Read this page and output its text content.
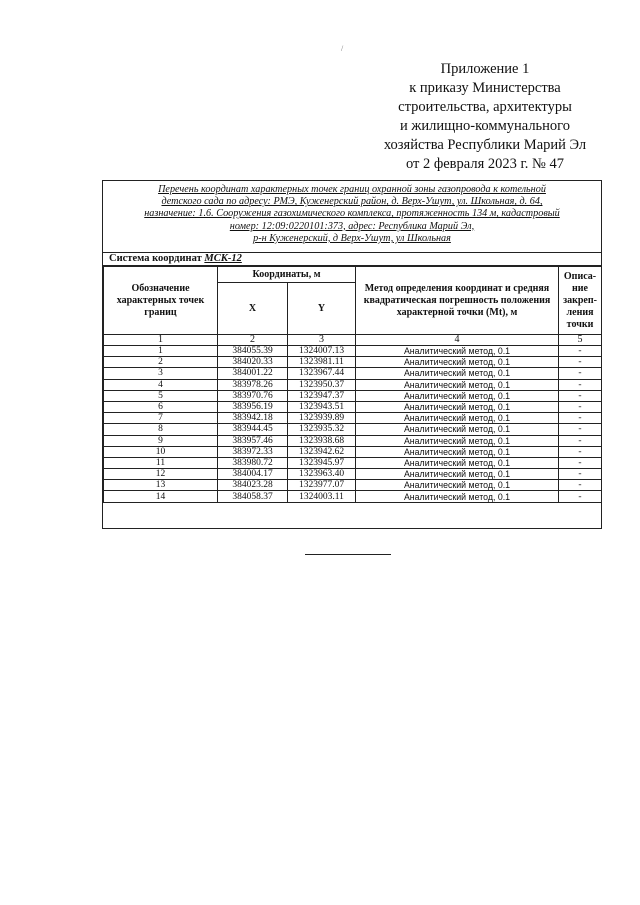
/
Приложение 1
к приказу Министерства
строительства, архитектуры
и жилищно-коммунального
хозяйства Республики Марий Эл
от 2 февраля 2023 г. № 47
Перечень координат характерных точек границ охранной зоны газопровода к котельной
детского сада по адресу: РМЭ, Куженерский район, д. Верх-Ушут, ул. Школьная, д. 64,
назначение: 1.6. Сооружения газохимического комплекса, протяженность 134 м, кадастровый
номер: 12:09:0220101:373, адрес: Республика Марий Эл,
р-н Куженерский, д Верх-Ушут, ул Школьная
Система координат МСК-12
Обозначение характерных точек границ	Координаты, м		Метод определения координат и средняя квадратическая погрешность положения характерной точки (Mt), м	Описа-ние закреп-ления точки
	X	Y		
1	2	3	4	5
1	384055.39	1324007.13	Аналитический метод, 0.1	-
2	384020.33	1323981.11	Аналитический метод, 0.1	-
3	384001.22	1323967.44	Аналитический метод, 0.1	-
4	383978.26	1323950.37	Аналитический метод, 0.1	-
5	383970.76	1323947.37	Аналитический метод, 0.1	-
6	383956.19	1323943.51	Аналитический метод, 0.1	-
7	383942.18	1323939.89	Аналитический метод, 0.1	-
8	383944.45	1323935.32	Аналитический метод, 0.1	-
9	383957.46	1323938.68	Аналитический метод, 0.1	-
10	383972.33	1323942.62	Аналитический метод, 0.1	-
11	383980.72	1323945.97	Аналитический метод, 0.1	-
12	384004.17	1323963.40	Аналитический метод, 0.1	-
13	384023.28	1323977.07	Аналитический метод, 0.1	-
14	384058.37	1324003.11	Аналитический метод, 0.1	-
